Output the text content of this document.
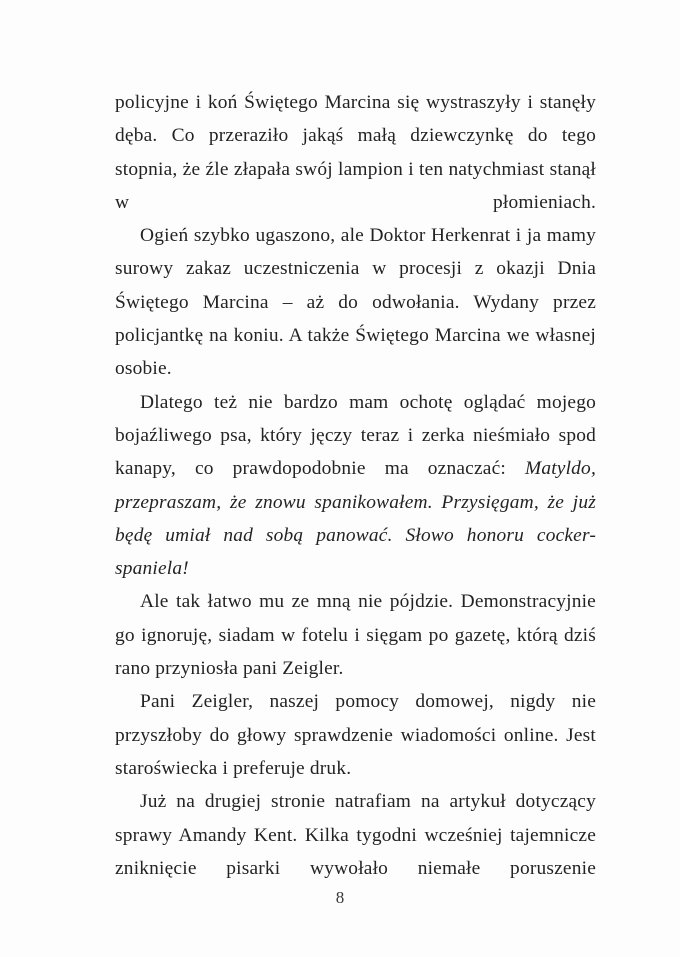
policyjne i koń Świętego Marcina się wystraszyły i stanęły dęba. Co przeraziło jakąś małą dziewczynkę do tego stopnia, że źle złapała swój lampion i ten natychmiast stanął w płomieniach.

Ogień szybko ugaszono, ale Doktor Herkenrat i ja mamy surowy zakaz uczestniczenia w procesji z okazji Dnia Świętego Marcina – aż do odwołania. Wydany przez policjantkę na koniu. A także Świętego Marcina we własnej osobie.

Dlatego też nie bardzo mam ochotę oglądać mojego bojaźliwego psa, który jęczy teraz i zerka nieśmiało spod kanapy, co prawdopodobnie ma oznaczać: Matyldo, przepraszam, że znowu spanikowałem. Przysięgam, że już będę umiał nad sobą panować. Słowo honoru cocker-spaniela!

Ale tak łatwo mu ze mną nie pójdzie. Demonstracyjnie go ignoruję, siadam w fotelu i sięgam po gazetę, którą dziś rano przyniosła pani Zeigler.

Pani Zeigler, naszej pomocy domowej, nigdy nie przyszłoby do głowy sprawdzenie wiadomości online. Jest staroświecka i preferuje druk.

Już na drugiej stronie natrafiam na artykuł dotyczący sprawy Amandy Kent. Kilka tygodni wcześniej tajemnicze zniknięcie pisarki wywołało niemałe poruszenie

8
